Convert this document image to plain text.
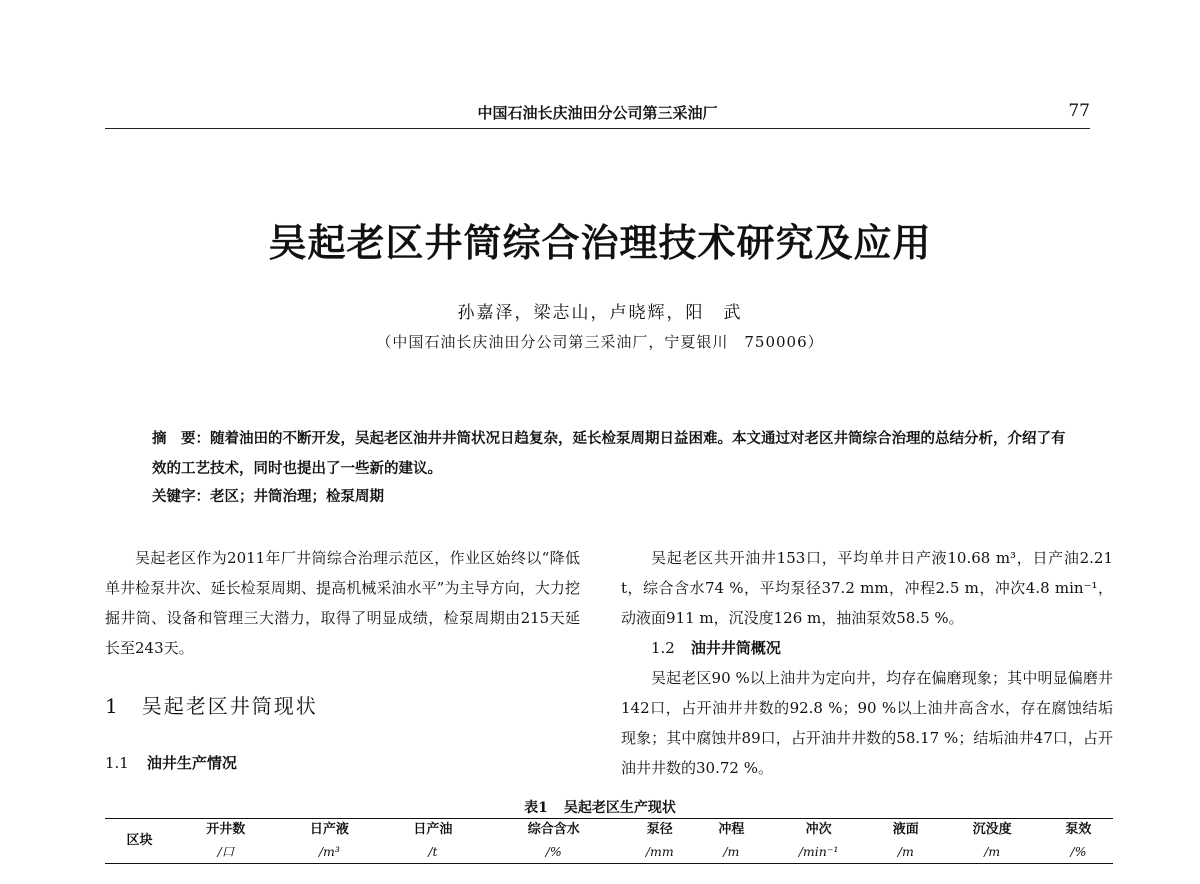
中国石油长庆油田分公司第三采油厂	77
吴起老区井筒综合治理技术研究及应用
孙嘉泽，梁志山，卢晓辉，阳　武
（中国石油长庆油田分公司第三采油厂，宁夏银川　750006）
摘　要：随着油田的不断开发，吴起老区油井井筒状况日趋复杂，延长检泵周期日益困难。本文通过对老区井筒综合治理的总结分析，介绍了有效的工艺技术，同时也提出了一些新的建议。
关键字：老区；井筒治理；检泵周期

吴起老区作为2011年厂井筒综合治理示范区，作业区始终以“降低单井检泵井次、延长检泵周期、提高机械采油水平”为主导方向，大力挖掘井筒、设备和管理三大潜力，取得了明显成绩，检泵周期由215天延长至243天。

1　吴起老区井筒现状
1.1 油井生产情况

吴起老区共开油井153口，平均单井日产液10.68 m³，日产油2.21 t，综合含水74 %，平均泵径37.2 mm，冲程2.5 m，冲次4.8 min⁻¹，动液面911 m，沉没度126 m，抽油泵效58.5 %。

1.2 油井井筒概况

吴起老区90 %以上油井为定向井，均存在偏磨现象；其中明显偏磨井142口，占开油井井数的92.8 %；90 %以上油井高含水，存在腐蚀结垢现象；其中腐蚀井89口，占开油井井数的58.17 %；结垢油井47口，占开油井井数的30.72 %。

表1 吴起老区生产现状
区块	开井数	日产液	日产油	综合含水	泵径	冲程	冲次	液面	沉没度	泵效
	/口	/m³	/t	/%	/mm	/m	/min⁻¹	/m	/m	/%
